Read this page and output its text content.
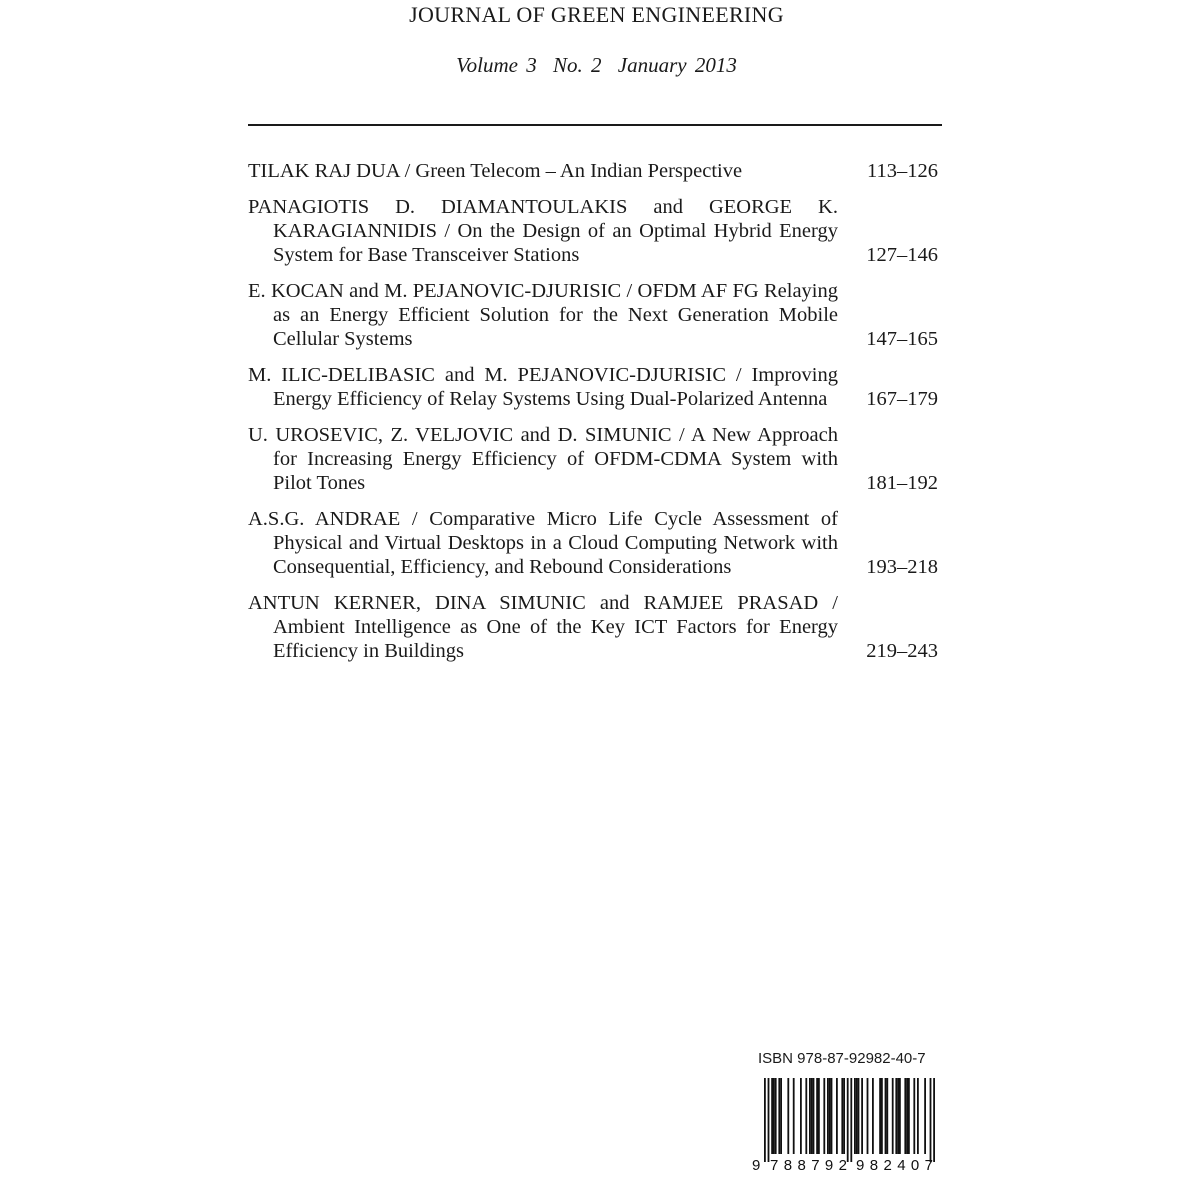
JOURNAL OF GREEN ENGINEERING
Volume 3 No. 2 January 2013
TILAK RAJ DUA / Green Telecom – An Indian Perspective	113–126
PANAGIOTIS D. DIAMANTOULAKIS and GEORGE K. KARAGIANNIDIS / On the Design of an Optimal Hybrid Energy System for Base Transceiver Stations	127–146
E. KOCAN and M. PEJANOVIC-DJURISIC / OFDM AF FG Relaying as an Energy Efficient Solution for the Next Generation Mobile Cellular Systems	147–165
M. ILIC-DELIBASIC and M. PEJANOVIC-DJURISIC / Improving Energy Efficiency of Relay Systems Using Dual-Polarized Antenna	167–179
U. UROSEVIC, Z. VELJOVIC and D. SIMUNIC / A New Approach for Increasing Energy Efficiency of OFDM-CDMA System with Pilot Tones	181–192
A.S.G. ANDRAE / Comparative Micro Life Cycle Assessment of Physical and Virtual Desktops in a Cloud Computing Network with Consequential, Efficiency, and Rebound Considerations	193–218
ANTUN KERNER, DINA SIMUNIC and RAMJEE PRASAD / Ambient Intelligence as One of the Key ICT Factors for Energy Efficiency in Buildings	219–243
ISBN 978-87-92982-40-7
9 788792 982407
